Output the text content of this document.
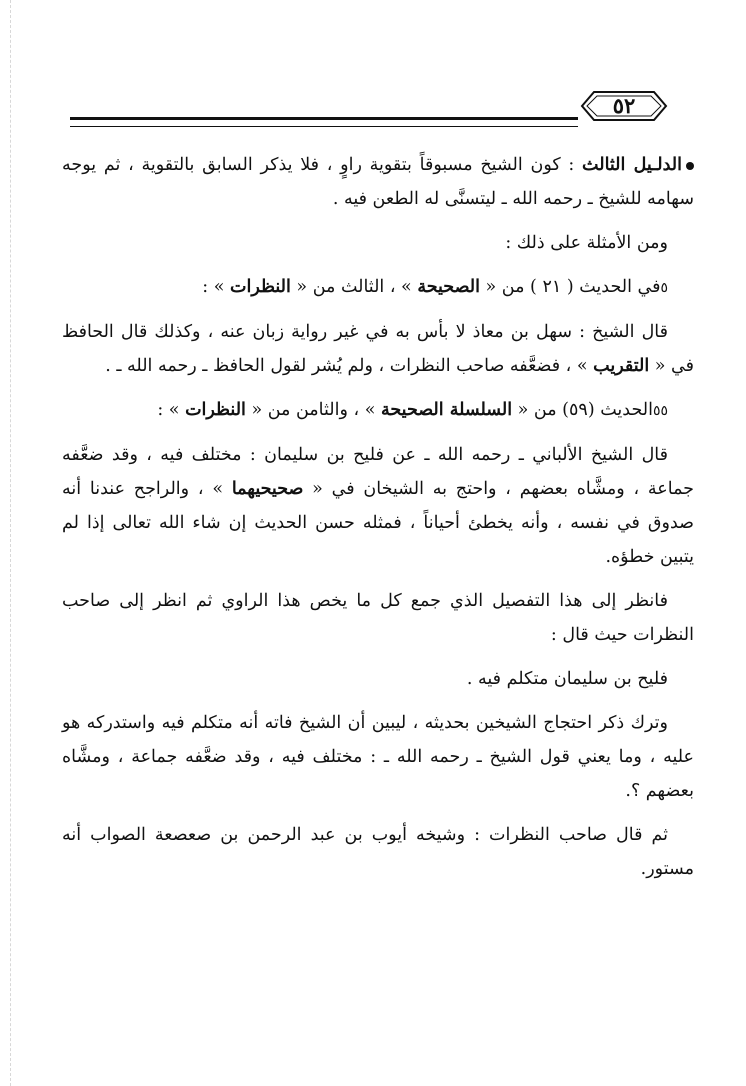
٥٢

الدلـيل الثالث : كون الشيخ مسبوقاً بتقوية راوٍ ، فلا يذكر السابق بالتقوية ، ثم يوجه سهامه للشيخ ـ رحمه الله ـ ليتسنَّى له الطعن فيه .

ومن الأمثلة على ذلك :

٥في الحديث ( ٢١ ) من « الصحيحة » ، الثالث من « النظرات » :

قال الشيخ : سهل بن معاذ لا بأس به في غير رواية زبان عنه ، وكذلك قال الحافظ في « التقريب » ، فضعَّفه صاحب النظرات ، ولم يُشر لقول الحافظ ـ رحمه الله ـ .

٥٥الحديث (٥٩) من « السلسلة الصحيحة » ، والثامن من « النظرات » :

قال الشيخ الألباني ـ رحمه الله ـ عن فليح بن سليمان : مختلف فيه ، وقد ضعَّفه جماعة ، ومشَّاه بعضهم ، واحتج به الشيخان في « صحيحيهما » ، والراجح عندنا أنه صدوق في نفسه ، وأنه يخطئ أحياناً ، فمثله حسن الحديث إن شاء الله تعالى إذا لم يتبين خطؤه.

فانظر إلى هذا التفصيل الذي جمع كل ما يخص هذا الراوي ثم انظر إلى صاحب النظرات حيث قال :

فليح بن سليمان متكلم فيه .

وترك ذكر احتجاج الشيخين بحديثه ، ليبين أن الشيخ فاته أنه متكلم فيه واستدركه هو عليه ، وما يعني قول الشيخ ـ رحمه الله ـ : مختلف فيه ، وقد ضعَّفه جماعة ، ومشَّاه بعضهم ؟.

ثم قال صاحب النظرات : وشيخه أيوب بن عبد الرحمن بن صعصعة الصواب أنه مستور.
